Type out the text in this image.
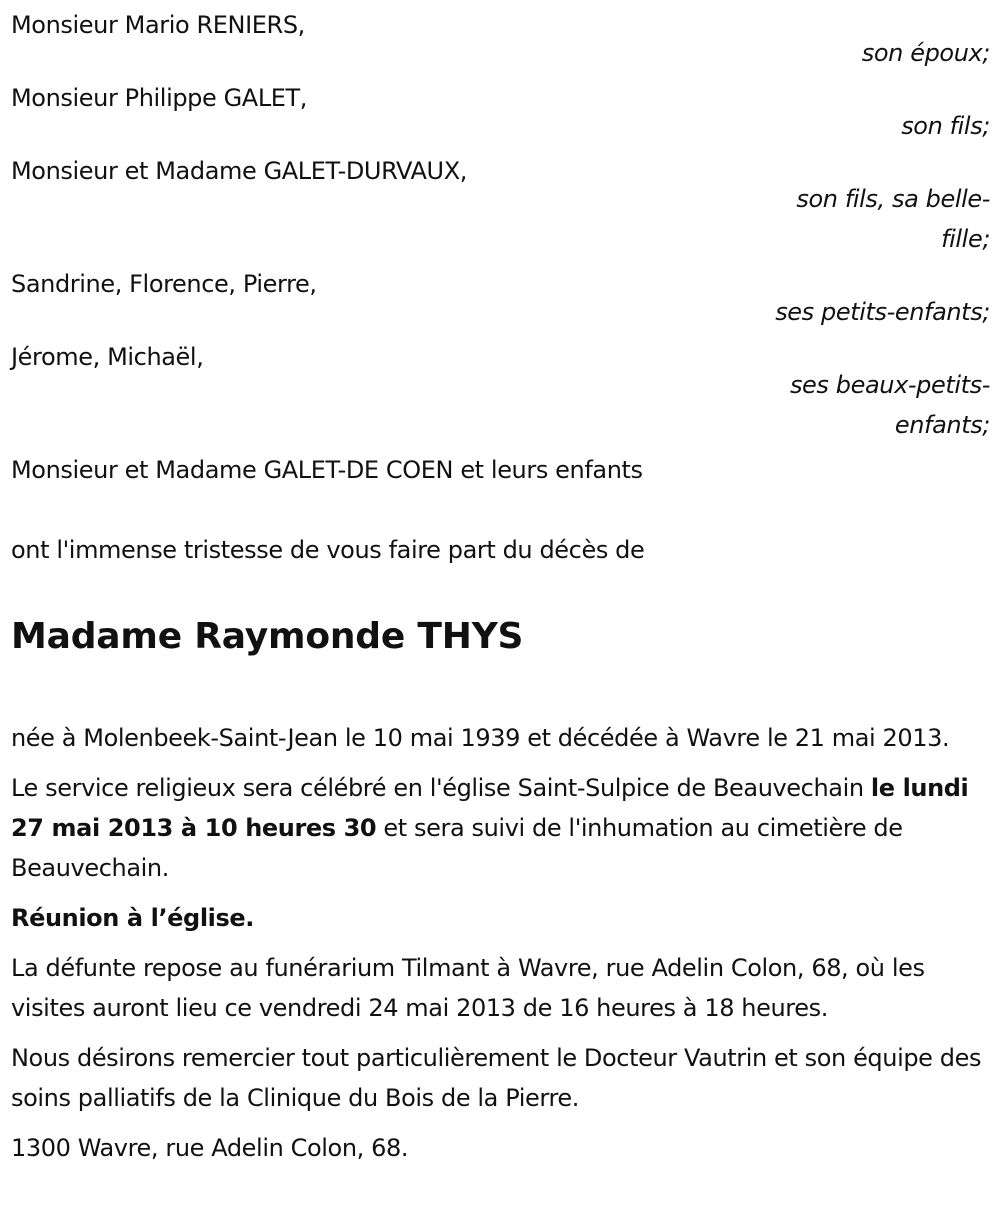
Monsieur Mario RENIERS,
son époux;
Monsieur Philippe GALET,
son fils;
Monsieur et Madame GALET-DURVAUX,
son fils, sa belle-fille;
Sandrine, Florence, Pierre,
ses petits-enfants;
Jérome, Michaël,
ses beaux-petits-enfants;
Monsieur et Madame GALET-DE COEN et leurs enfants
ont l'immense tristesse de vous faire part du décès de
Madame Raymonde THYS

née à Molenbeek-Saint-Jean le 10 mai 1939 et décédée à Wavre le 21 mai 2013.

Le service religieux sera célébré en l'église Saint-Sulpice de Beauvechain le lundi 27 mai 2013 à 10 heures 30 et sera suivi de l'inhumation au cimetière de Beauvechain.

Réunion à l’église.

La défunte repose au funérarium Tilmant à Wavre, rue Adelin Colon, 68, où les visites auront lieu ce vendredi 24 mai 2013 de 16 heures à 18 heures.

Nous désirons remercier tout particulièrement le Docteur Vautrin et son équipe des soins palliatifs de la Clinique du Bois de la Pierre.

1300 Wavre, rue Adelin Colon, 68.
